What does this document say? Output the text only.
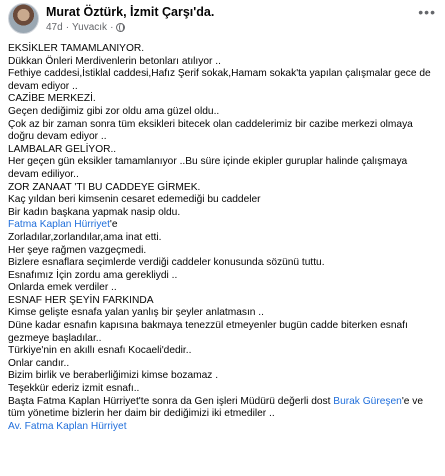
Murat Öztürk, İzmit Çarşı'da.
47d · Yuvacık ·
•••

EKSİKLER TAMAMLANIYOR.

Dükkan Önleri Merdivenlerin betonları atılıyor ..

Fethiye caddesi,İstiklal caddesi,Hafız Şerif sokak,Hamam sokak'ta yapılan çalışmalar gece de devam ediyor ..

CAZİBE MERKEZİ.

Geçen dediğimiz gibi zor oldu ama güzel oldu..

Çok az bir zaman sonra tüm eksikleri bitecek olan caddelerimiz bir cazibe merkezi olmaya doğru devam ediyor ..

LAMBALAR GELİYOR..

Her geçen gün eksikler tamamlanıyor ..Bu süre içinde ekipler guruplar halinde çalışmaya devam ediliyor..

ZOR ZANAAT 'TI BU CADDEYE GİRMEK.

Kaç yıldan beri kimsenin cesaret edemediği bu caddeler

Bir kadın başkana yapmak nasip oldu.

Fatma Kaplan Hürriyet'e

Zorladılar,zorlandılar,ama inat etti.

Her şeye rağmen vazgeçmedi.

Bizlere esnaflara seçimlerde verdiği caddeler konusunda sözünü tuttu.

Esnafımız İçin zordu ama gerekliydi ..

Onlarda emek verdiler ..

ESNAF HER ŞEYİN FARKINDA

Kimse gelişte esnafa yalan yanlış bir şeyler anlatmasın ..

Düne kadar esnafın kapısına bakmaya tenezzül etmeyenler bugün cadde biterken esnafı gezmeye başladılar..

Türkiye'nin en akıllı esnafı Kocaeli'dedir..

Onlar candır..

Bizim birlik ve beraberliğimizi kimse bozamaz .

Teşekkür ederiz izmit esnafı..

Başta Fatma Kaplan Hürriyet'te sonra da Gen işleri Müdürü değerli dost Burak Güreşen'e ve tüm yönetime bizlerin her daim bir dediğimizi iki etmediler ..

Av. Fatma Kaplan Hürriyet
